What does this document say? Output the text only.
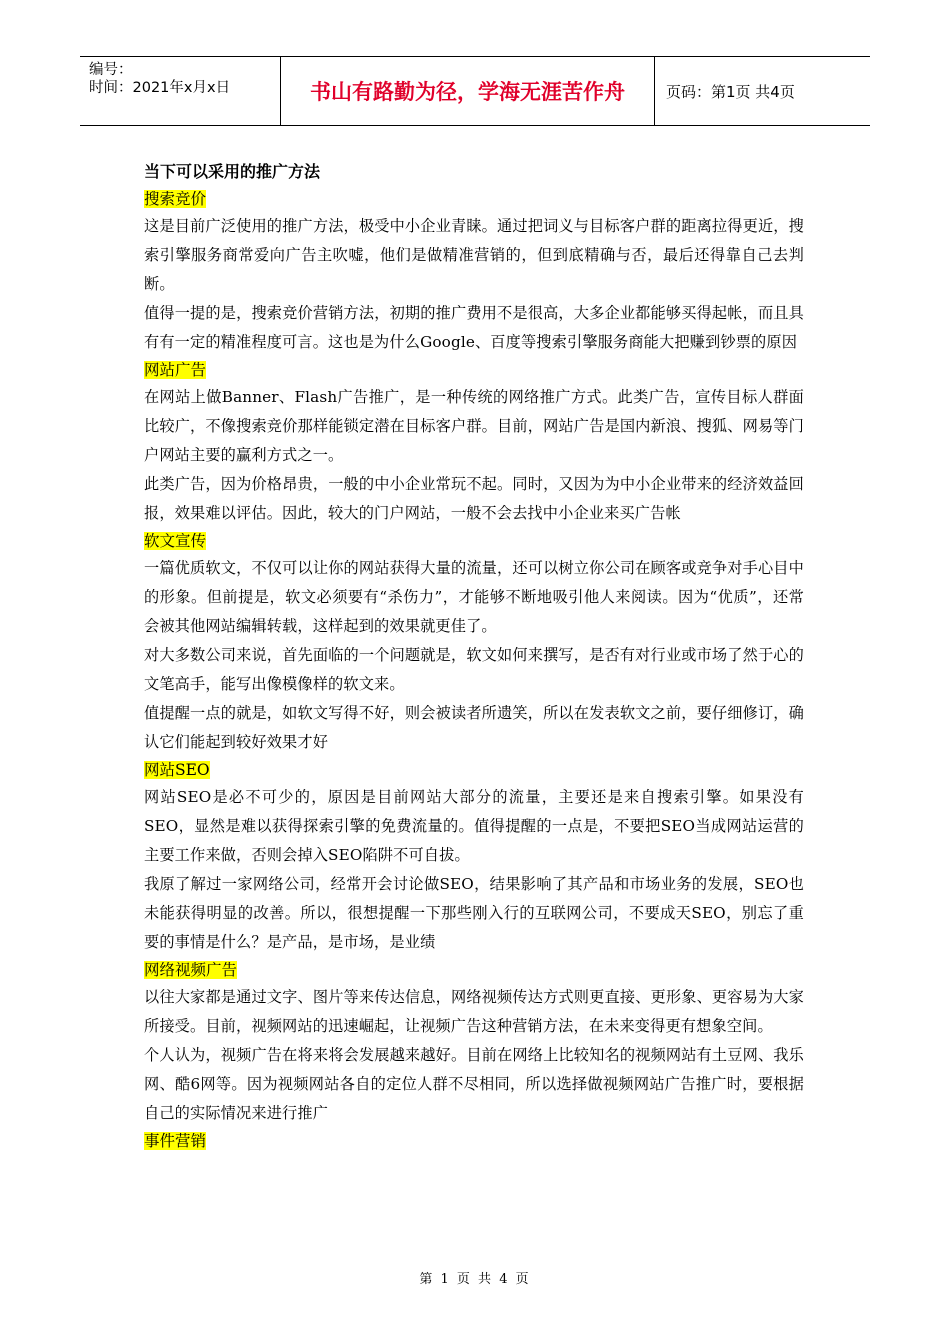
编号：
时间：2021年x月x日	书山有路勤为径，学海无涯苦作舟	页码：第1页 共4页
当下可以采用的推广方法

搜索竞价

这是目前广泛使用的推广方法，极受中小企业青睐。通过把词义与目标客户群的距离拉得更近，搜索引擎服务商常爱向广告主吹嘘，他们是做精准营销的，但到底精确与否，最后还得靠自己去判断。

值得一提的是，搜索竞价营销方法，初期的推广费用不是很高，大多企业都能够买得起帐，而且具有有一定的精准程度可言。这也是为什么Google、百度等搜索引擎服务商能大把赚到钞票的原因

网站广告

在网站上做Banner、Flash广告推广，是一种传统的网络推广方式。此类广告，宣传目标人群面比较广，不像搜索竞价那样能锁定潜在目标客户群。目前，网站广告是国内新浪、搜狐、网易等门户网站主要的赢利方式之一。

此类广告，因为价格昂贵，一般的中小企业常玩不起。同时，又因为为中小企业带来的经济效益回报，效果难以评估。因此，较大的门户网站，一般不会去找中小企业来买广告帐

软文宣传

一篇优质软文，不仅可以让你的网站获得大量的流量，还可以树立你公司在顾客或竞争对手心目中的形象。但前提是，软文必须要有“杀伤力”，才能够不断地吸引他人来阅读。因为“优质”，还常会被其他网站编辑转载，这样起到的效果就更佳了。

对大多数公司来说，首先面临的一个问题就是，软文如何来撰写，是否有对行业或市场了然于心的文笔高手，能写出像模像样的软文来。

值提醒一点的就是，如软文写得不好，则会被读者所遗笑，所以在发表软文之前，要仔细修订，确认它们能起到较好效果才好

网站SEO

网站SEO是必不可少的，原因是目前网站大部分的流量，主要还是来自搜索引擎。如果没有SEO，显然是难以获得探索引擎的免费流量的。值得提醒的一点是，不要把SEO当成网站运营的主要工作来做，否则会掉入SEO陷阱不可自拔。

我原了解过一家网络公司，经常开会讨论做SEO，结果影响了其产品和市场业务的发展，SEO也未能获得明显的改善。所以，很想提醒一下那些刚入行的互联网公司，不要成天SEO，别忘了重要的事情是什么？是产品，是市场，是业绩

网络视频广告

以往大家都是通过文字、图片等来传达信息，网络视频传达方式则更直接、更形象、更容易为大家所接受。目前，视频网站的迅速崛起，让视频广告这种营销方法，在未来变得更有想象空间。

个人认为，视频广告在将来将会发展越来越好。目前在网络上比较知名的视频网站有土豆网、我乐网、酷6网等。因为视频网站各自的定位人群不尽相同，所以选择做视频网站广告推广时，要根据自己的实际情况来进行推广

事件营销

第 1 页 共 4 页
